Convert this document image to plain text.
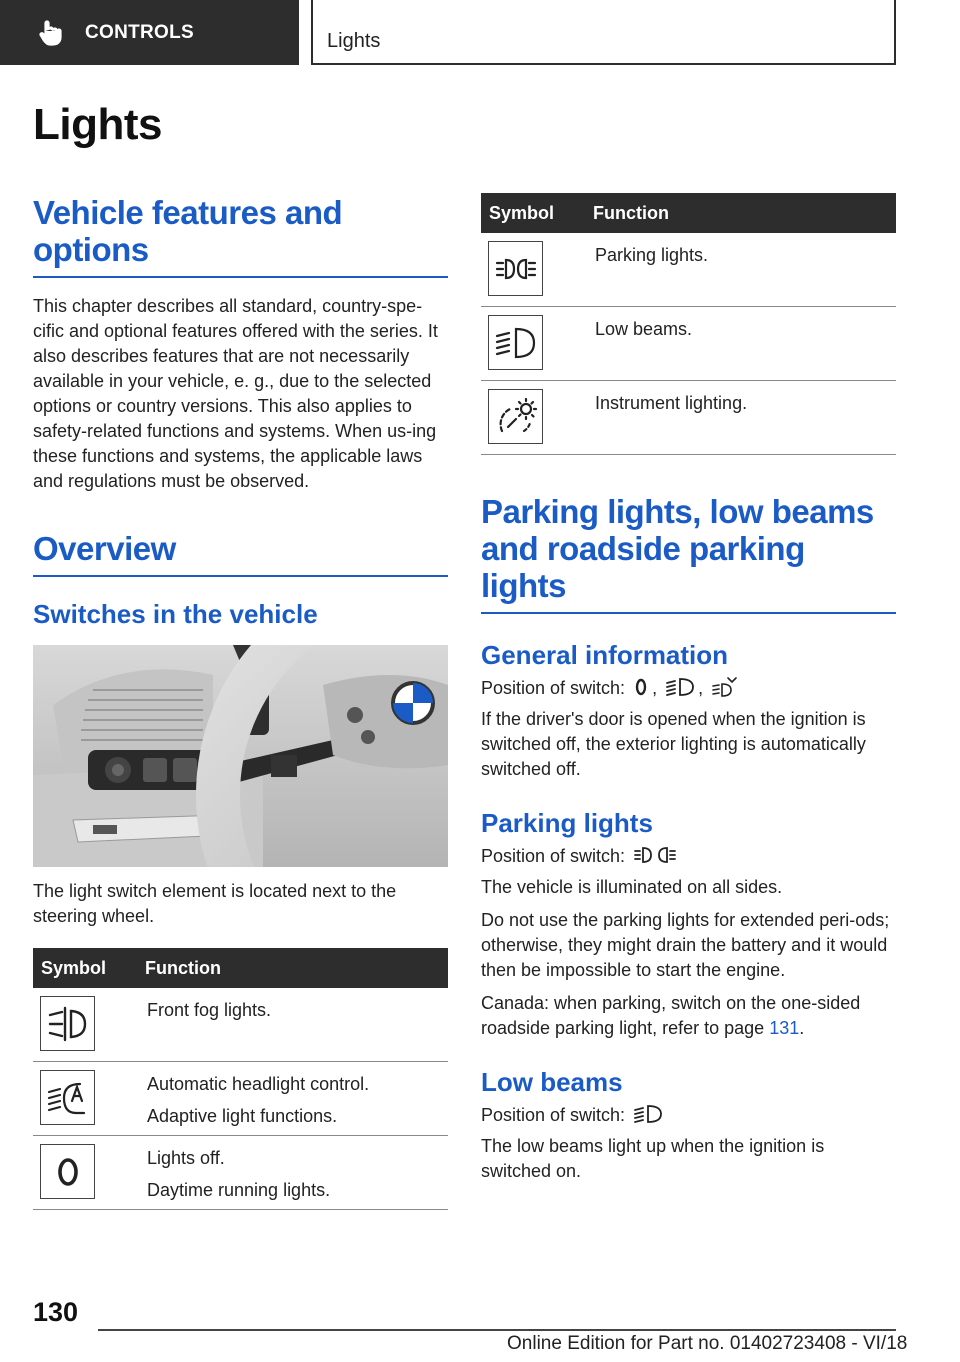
CONTROLS	Lights
Lights
Vehicle features and options
This chapter describes all standard, country-spe-cific and optional features offered with the series. It also describes features that are not necessarily available in your vehicle, e. g., due to the selected options or country versions. This also applies to safety-related functions and systems. When us-ing these functions and systems, the applicable laws and regulations must be observed.
Overview
Switches in the vehicle
The light switch element is located next to the steering wheel.
Symbol	Function

Front fog lights.

Automatic headlight control.
Adaptive light functions.

Lights off.
Daytime running lights.
Symbol	Function

Parking lights.

Low beams.

Instrument lighting.
Parking lights, low beams and roadside parking lights
General information
Position of switch: , ,
If the driver's door is opened when the ignition is switched off, the exterior lighting is automatically switched off.
Parking lights
Position of switch:
The vehicle is illuminated on all sides.
Do not use the parking lights for extended peri-ods; otherwise, they might drain the battery and it would then be impossible to start the engine.
Canada: when parking, switch on the one-sided roadside parking light, refer to page 131.
Low beams
Position of switch:
The low beams light up when the ignition is switched on.
130
Online Edition for Part no. 01402723408 - VI/18
